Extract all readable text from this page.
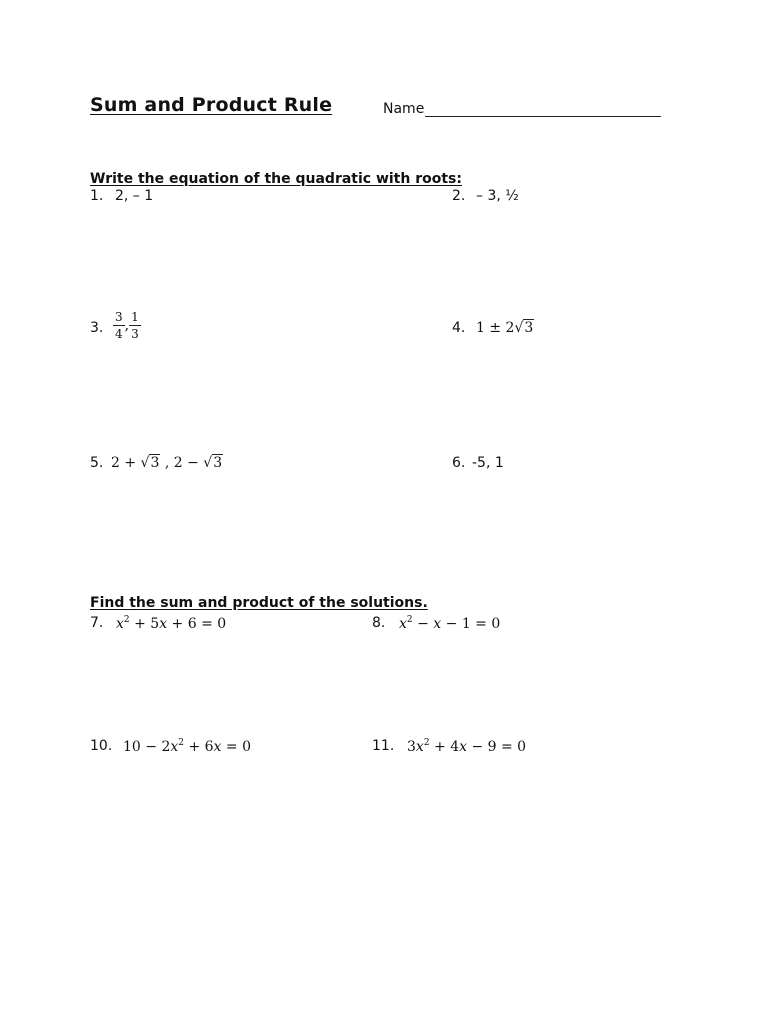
Sum and Product Rule	Name
Write the equation of the quadratic with roots:
1. 2, – 1	2. – 3, ½
3. $\frac{3}{4}$ , $\frac{1}{3}$	4. 1 ± 2√3
5. 2 + √3 , 2 − √3	6. -5, 1
Find the sum and product of the solutions.
7. $x^2 + 5x + 6 = 0$	8. $x^2 - x - 1 = 0$
10. $10 - 2x^2 + 6x = 0$	11. $3x^2 + 4x - 9 = 0$
